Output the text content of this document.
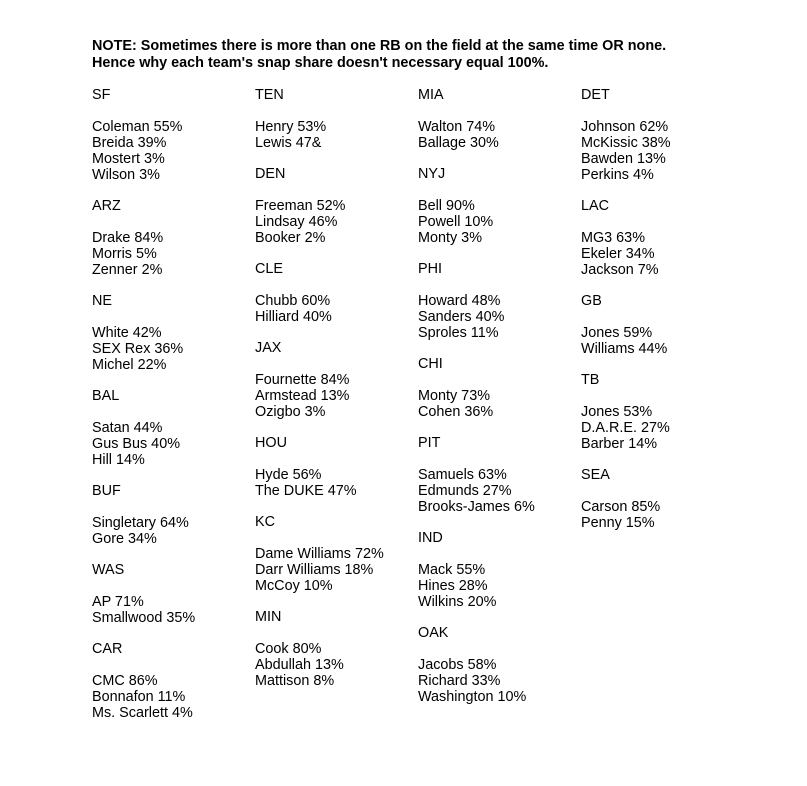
NOTE: Sometimes there is more than one RB on the field at the same time OR none.
Hence why each team's snap share doesn't necessary equal 100%.
SF
Coleman 55%
Breida 39%
Mostert 3%
Wilson 3%
ARZ
Drake 84%
Morris 5%
Zenner 2%
NE
White 42%
SEX Rex 36%
Michel 22%
BAL
Satan 44%
Gus Bus 40%
Hill 14%
BUF
Singletary 64%
Gore 34%
WAS
AP 71%
Smallwood 35%
CAR
CMC 86%
Bonnafon 11%
Ms. Scarlett 4%
TEN
Henry 53%
Lewis 47&
DEN
Freeman 52%
Lindsay 46%
Booker 2%
CLE
Chubb 60%
Hilliard 40%
JAX
Fournette 84%
Armstead 13%
Ozigbo 3%
HOU
Hyde 56%
The DUKE 47%
KC
Dame Williams 72%
Darr Williams 18%
McCoy 10%
MIN
Cook 80%
Abdullah 13%
Mattison 8%
MIA
Walton 74%
Ballage 30%
NYJ
Bell 90%
Powell 10%
Monty 3%
PHI
Howard 48%
Sanders 40%
Sproles 11%
CHI
Monty 73%
Cohen 36%
PIT
Samuels 63%
Edmunds 27%
Brooks-James 6%
IND
Mack 55%
Hines 28%
Wilkins 20%
OAK
Jacobs 58%
Richard 33%
Washington 10%
DET
Johnson 62%
McKissic 38%
Bawden 13%
Perkins 4%
LAC
MG3 63%
Ekeler 34%
Jackson 7%
GB
Jones 59%
Williams 44%
TB
Jones 53%
D.A.R.E. 27%
Barber 14%
SEA
Carson 85%
Penny 15%
